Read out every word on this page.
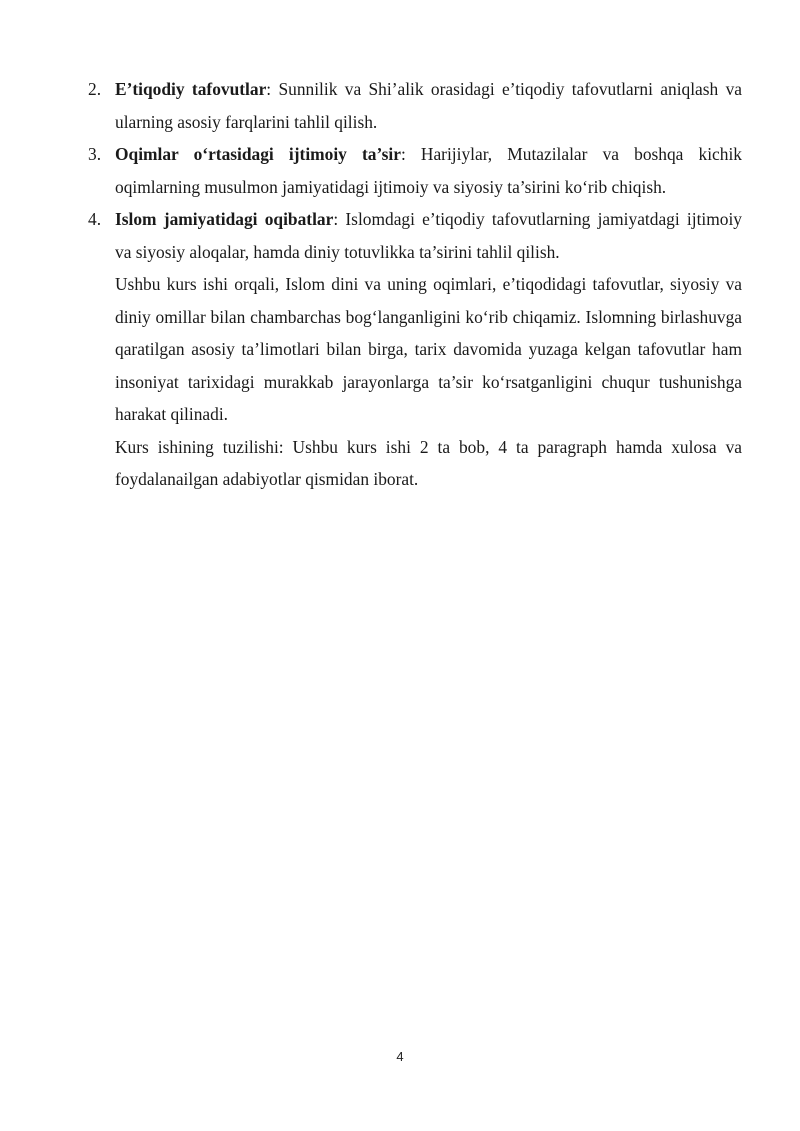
2. E’tiqodiy tafovutlar: Sunnilik va Shi’alik orasidagi e’tiqodiy tafovutlarni aniqlash va ularning asosiy farqlarini tahlil qilish.
3. Oqimlar o‘rtasidagi ijtimoiy ta’sir: Harijiylar, Mutazilalar va boshqa kichik oqimlarning musulmon jamiyatidagi ijtimoiy va siyosiy ta’sirini ko‘rib chiqish.
4. Islom jamiyatidagi oqibatlar: Islomdagi e’tiqodiy tafovutlarning jamiyatdagi ijtimoiy va siyosiy aloqalar, hamda diniy totuvlikka ta’sirini tahlil qilish.
Ushbu kurs ishi orqali, Islom dini va uning oqimlari, e’tiqodidagi tafovutlar, siyosiy va diniy omillar bilan chambarchas bog‘langanligini ko‘rib chiqamiz. Islomning birlashuvga qaratilgan asosiy ta’limotlari bilan birga, tarix davomida yuzaga kelgan tafovutlar ham insoniyat tarixidagi murakkab jarayonlarga ta’sir ko‘rsatganligini chuqur tushunishga harakat qilinadi.
Kurs ishining tuzilishi: Ushbu kurs ishi 2 ta bob, 4 ta paragraph hamda xulosa va foydalanailgan adabiyotlar qismidan iborat.
4
